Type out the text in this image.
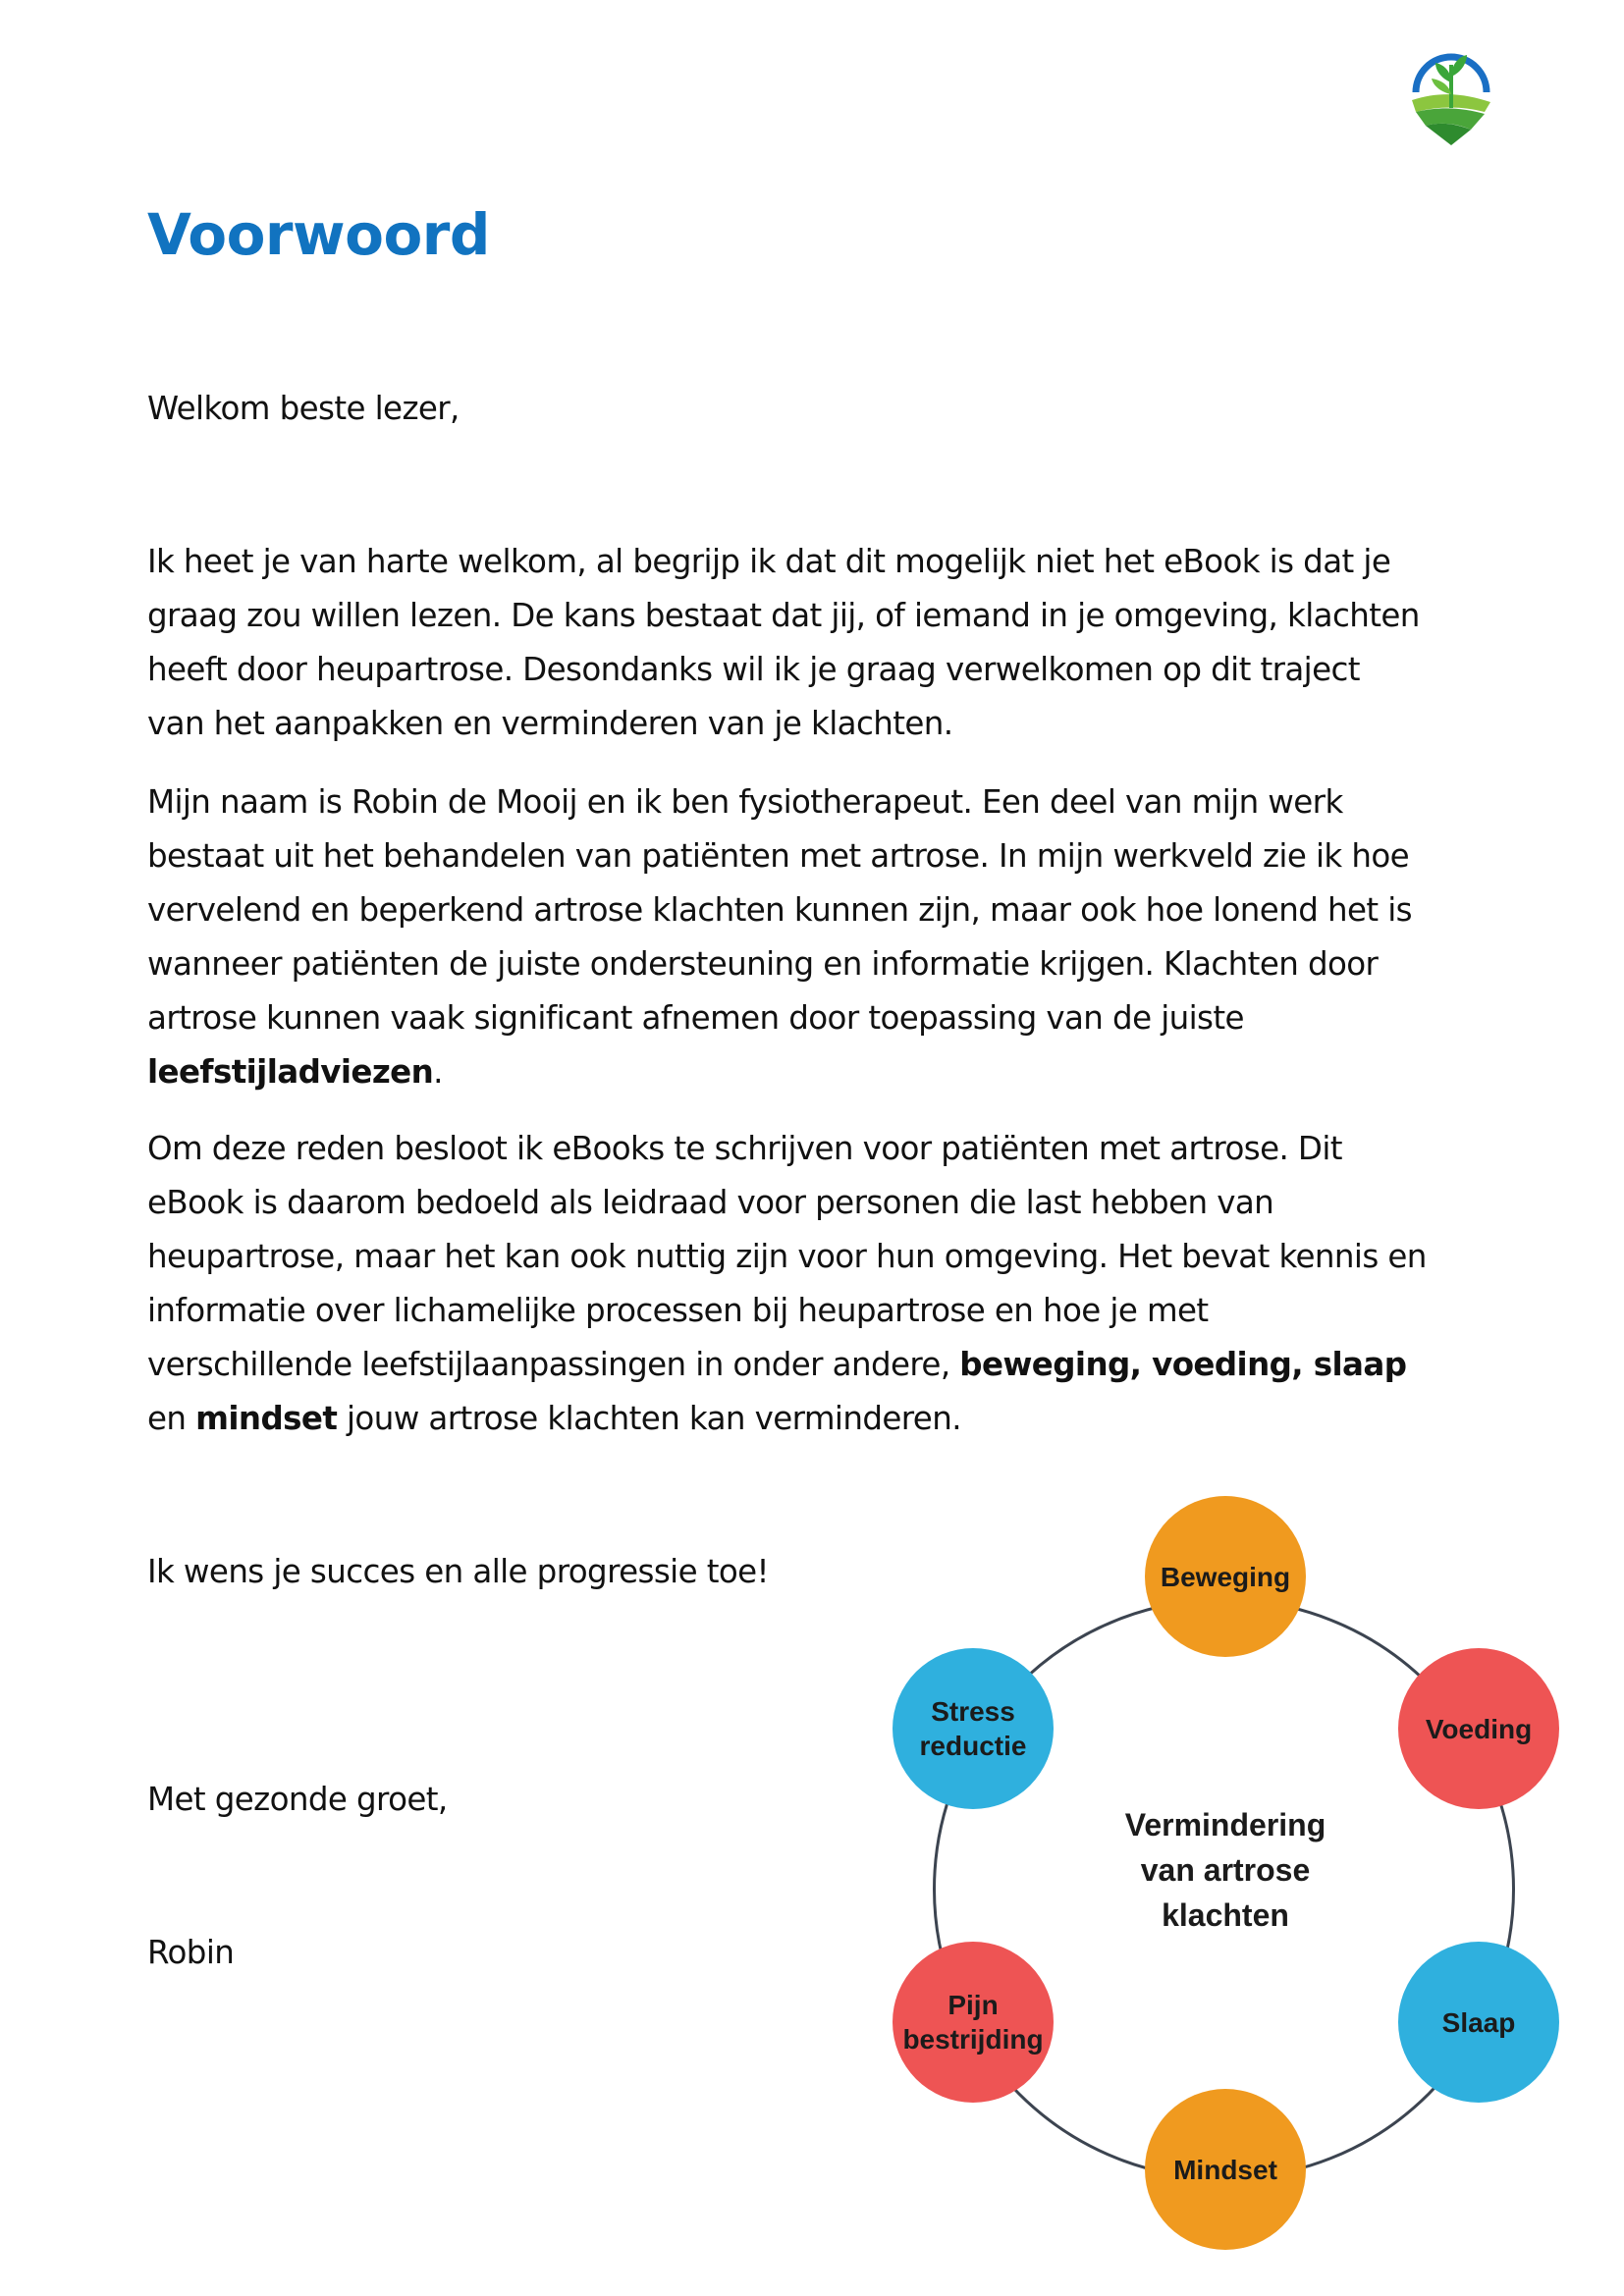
Voorwoord

Welkom beste lezer,

Ik heet je van harte welkom, al begrijp ik dat dit mogelijk niet het eBook is dat je
graag zou willen lezen. De kans bestaat dat jij, of iemand in je omgeving, klachten
heeft door heupartrose. Desondanks wil ik je graag verwelkomen op dit traject
van het aanpakken en verminderen van je klachten.

Mijn naam is Robin de Mooij en ik ben fysiotherapeut. Een deel van mijn werk
bestaat uit het behandelen van patiënten met artrose. In mijn werkveld zie ik hoe
vervelend en beperkend artrose klachten kunnen zijn, maar ook hoe lonend het is
wanneer patiënten de juiste ondersteuning en informatie krijgen. Klachten door
artrose kunnen vaak significant afnemen door toepassing van de juiste
leefstijladviezen.

Om deze reden besloot ik eBooks te schrijven voor patiënten met artrose. Dit
eBook is daarom bedoeld als leidraad voor personen die last hebben van
heupartrose, maar het kan ook nuttig zijn voor hun omgeving. Het bevat kennis en
informatie over lichamelijke processen bij heupartrose en hoe je met
verschillende leefstijlaanpassingen in onder andere, beweging, voeding, slaap
en mindset jouw artrose klachten kan verminderen.

Ik wens je succes en alle progressie toe!

Met gezonde groet,

Robin

Vermindering
van artrose
klachten
Beweging
Voeding
Slaap
Mindset
Pijn
bestrijding
Stress
reductie
